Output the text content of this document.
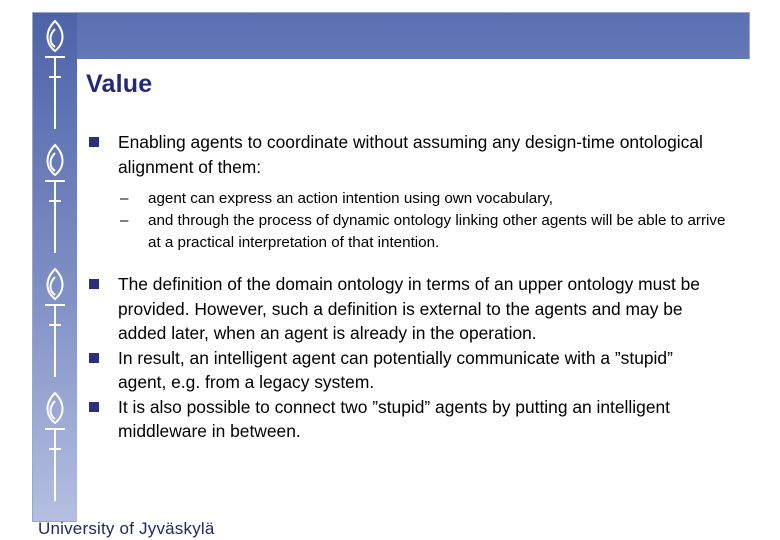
Value
Enabling agents to coordinate without assuming any design-time ontological alignment of them:
– agent can express an action intention using own vocabulary,
– and through the process of dynamic ontology linking other agents will be able to arrive at a practical interpretation of that intention.
The definition of the domain ontology in terms of an upper ontology must be provided. However, such a definition is external to the agents and may be added later, when an agent is already in the operation.
In result, an intelligent agent can potentially communicate with a ”stupid” agent, e.g. from a legacy system.
It is also possible to connect two ”stupid” agents by putting an intelligent middleware in between.
University of Jyväskylä
